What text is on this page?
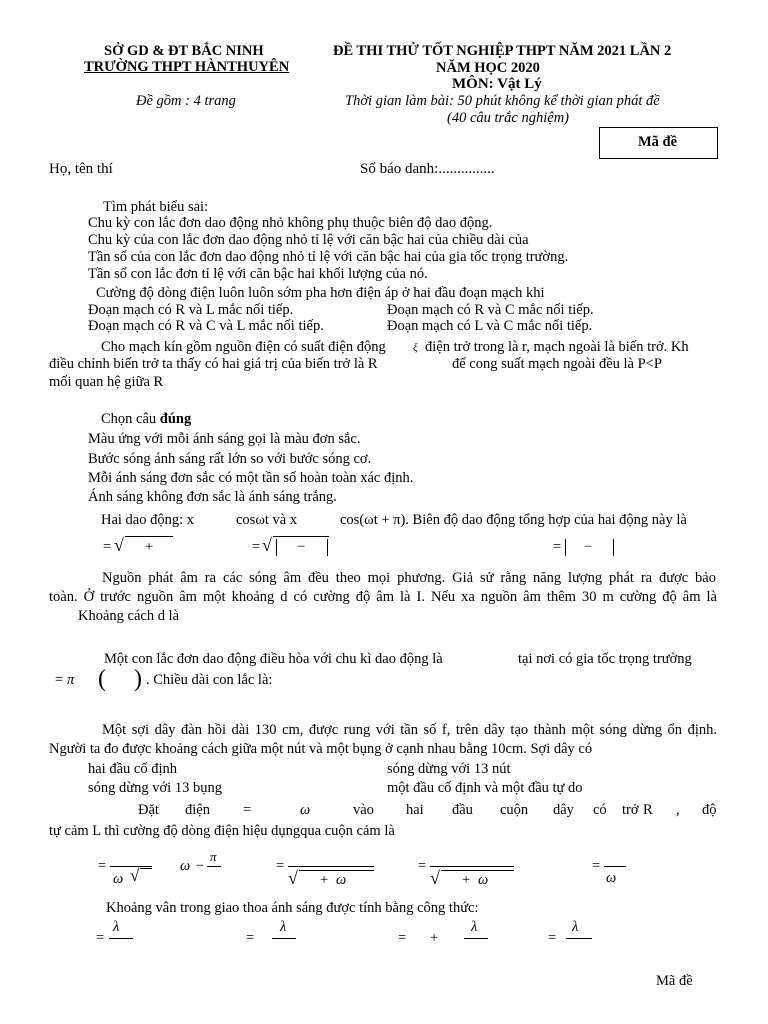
SỞ GD & ĐT BẮC NINH
TRƯỜNG THPT HÀNTHUYÊN
Đề gồm : 4 trang
ĐỀ THI THỬ TỐT NGHIỆP THPT NĂM 2021 LẦN 2
NĂM HỌC 2020
MÔN: Vật Lý
Thời gian làm bài: 50 phút không kể thời gian phát đề
(40 câu trắc nghiệm)
Mã đề
Họ, tên thí	Số báo danh:...............
Tìm phát biểu sai:
Chu kỳ con lắc đơn dao động nhỏ không phụ thuộc biên độ dao động.
Chu kỳ của con lắc đơn dao động nhỏ tỉ lệ với căn bậc hai của chiều dài của
Tần số của con lắc đơn dao động nhỏ tỉ lệ với căn bậc hai của gia tốc trọng trường.
Tần số con lắc đơn tỉ lệ với căn bậc hai khối lượng của nó.
Cường độ dòng điện luôn luôn sớm pha hơn điện áp ở hai đầu đoạn mạch khi
Đoạn mạch có R và L mắc nối tiếp.	Đoạn mạch có R và C mắc nối tiếp.
Đoạn mạch có R và C và L mắc nối tiếp.	Đoạn mạch có L và C mắc nối tiếp.
Cho mạch kín gồm nguồn điện có suất điện động ξ điện trở trong là r, mạch ngoài là biến trở. Kh
điều chỉnh biến trở ta thấy có hai giá trị của biến trở là R	để cong suất mạch ngoài đều là P<P
mối quan hệ giữa R
Chọn câu đúng
Màu ứng với mỗi ánh sáng gọi là màu đơn sắc.
Bước sóng ánh sáng rất lớn so với bước sóng cơ.
Mỗi ánh sáng đơn sắc có một tần số hoàn toàn xác định.
Ánh sáng không đơn sắc là ánh sáng trắng.
Hai dao động: x	cosωt và x	cos(ωt + π). Biên độ dao động tổng hợp của hai động này là
= √ +	= √ −	= −
Nguồn phát âm ra các sóng âm đều theo mọi phương. Giả sử rằng năng lượng phát ra được bảo
toàn. Ở trước nguồn âm một khoảng d có cường độ âm là I. Nếu xa nguồn âm thêm 30 m cường độ âm là
Khoảng cách d là
Một con lắc đơn dao động điều hòa với chu kì dao động là	tại nơi có gia tốc trọng trường
= π ( ) . Chiều dài con lắc là:
Một sợi dây đàn hồi dài 130 cm, được rung với tần số f, trên dây tạo thành một sóng dừng ổn định.
Người ta đo được khoảng cách giữa một nút và một bụng ở cạnh nhau bằng 10cm. Sợi dây có
hai đầu cố định	sóng dừng với 13 nút
sóng dừng với 13 bụng	một đầu cố định và một đầu tự do
Đặt điện =	ω	vào hai đầu cuộn dây có trở R , độ
tự cảm L thì cường độ dòng điện hiệu dụngqua cuộn cảm là
=
ω √	ω −
π
=
√ + ω
=
√ + ω
=
ω
Khoảng vân trong giao thoa ánh sáng được tính bằng công thức:
=
λ
=
λ
= +
λ
=
λ
Mã đề
